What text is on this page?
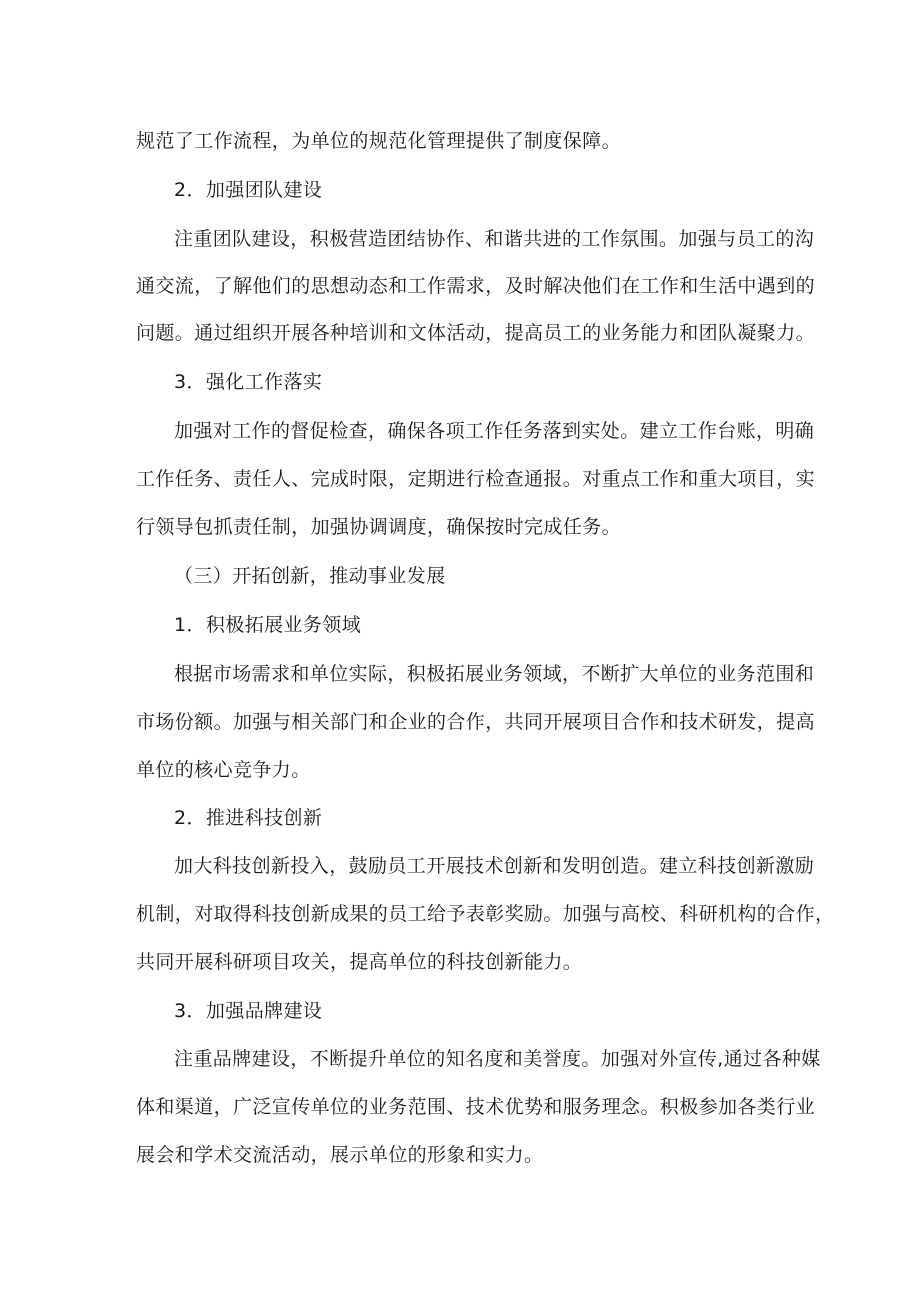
规范了工作流程，为单位的规范化管理提供了制度保障。
2．加强团队建设
注重团队建设，积极营造团结协作、和谐共进的工作氛围。加强与员工的沟
通交流，了解他们的思想动态和工作需求，及时解决他们在工作和生活中遇到的
问题。通过组织开展各种培训和文体活动，提高员工的业务能力和团队凝聚力。
3．强化工作落实
加强对工作的督促检查，确保各项工作任务落到实处。建立工作台账，明确
工作任务、责任人、完成时限，定期进行检查通报。对重点工作和重大项目，实
行领导包抓责任制，加强协调调度，确保按时完成任务。
（三）开拓创新，推动事业发展
1．积极拓展业务领域
根据市场需求和单位实际，积极拓展业务领域，不断扩大单位的业务范围和
市场份额。加强与相关部门和企业的合作，共同开展项目合作和技术研发，提高
单位的核心竞争力。
2．推进科技创新
加大科技创新投入，鼓励员工开展技术创新和发明创造。建立科技创新激励
机制，对取得科技创新成果的员工给予表彰奖励。加强与高校、科研机构的合作，
共同开展科研项目攻关，提高单位的科技创新能力。
3．加强品牌建设
注重品牌建设，不断提升单位的知名度和美誉度。加强对外宣传,通过各种媒
体和渠道，广泛宣传单位的业务范围、技术优势和服务理念。积极参加各类行业
展会和学术交流活动，展示单位的形象和实力。
